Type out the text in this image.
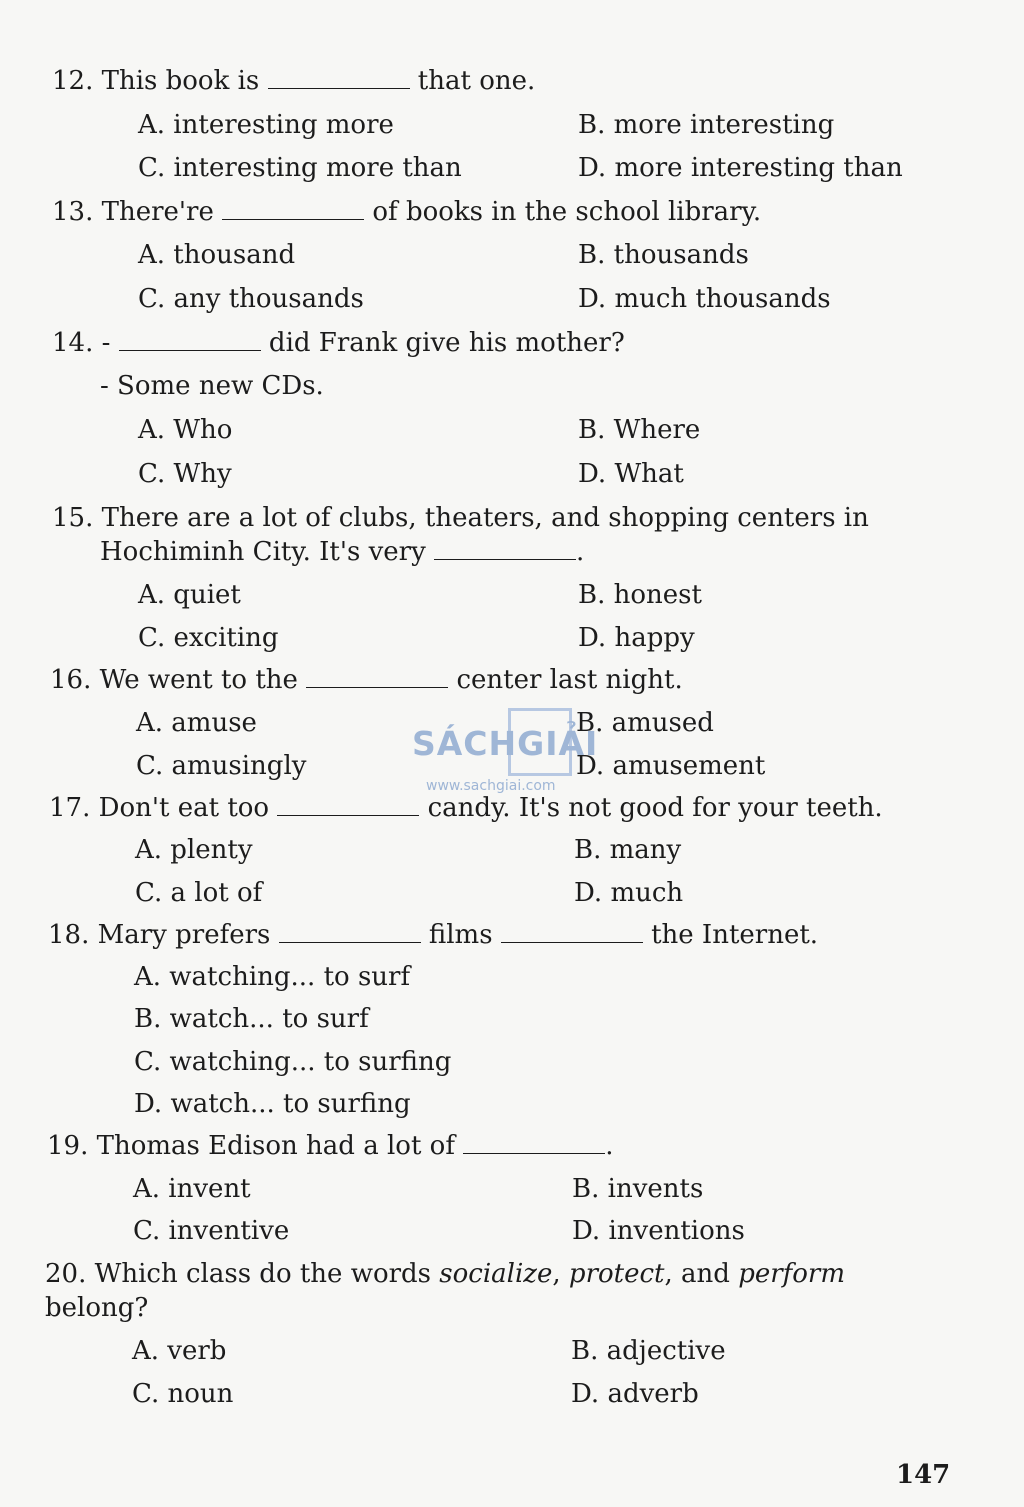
12. This book is	that one.
A. interesting more	B. more interesting
C. interesting more than	D. more interesting than
13. There're	of books in the school library.
A. thousand	B. thousands
C. any thousands	D. much thousands
14. -	did Frank give his mother?
- Some new CDs.
A. Who	B. Where
C. Why	D. What
15. There are a lot of clubs, theaters, and shopping centers in
Hochiminh City. It's very	.
A. quiet	B. honest
C. exciting	D. happy
16. We went to the	center last night.
A. amuse	B. amused
C. amusingly	D. amusement
17. Don't eat too	candy. It's not good for your teeth.
A. plenty	B. many
C. a lot of	D. much
18. Mary prefers	films	the Internet.
A. watching... to surf
B. watch... to surf
C. watching... to surfing
D. watch... to surfing
19. Thomas Edison had a lot of	.
A. invent	B. invents
C. inventive	D. inventions
20. Which class do the words socialize, protect, and perform
belong?
A. verb	B. adjective
C. noun	D. adverb
SÁCHGIẢI
www.sachgiai.com
147
